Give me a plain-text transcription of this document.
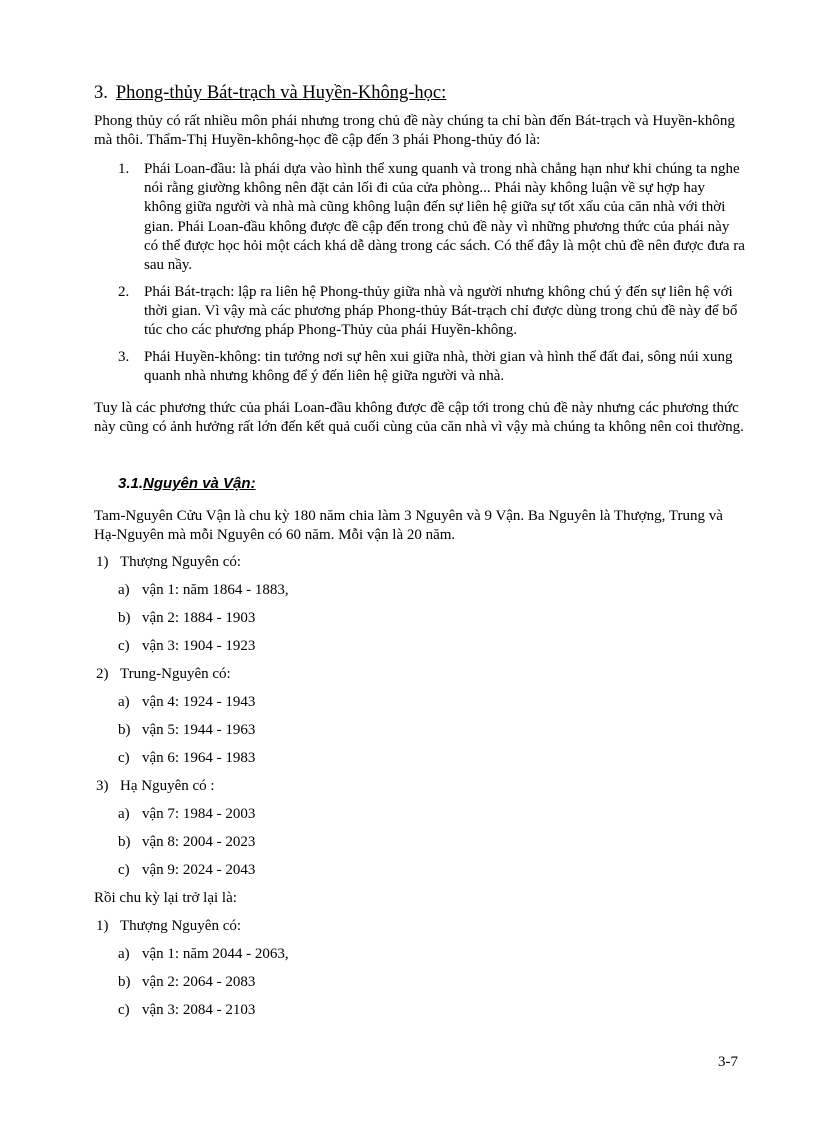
3. Phong-thủy Bát-trạch và Huyền-Không-học:
Phong thủy có rất nhiều môn phái nhưng trong chủ đề này chúng ta chỉ bàn đến Bát-trạch và Huyền-không mà thôi. Thẩm-Thị Huyền-không-học đề cập đến 3 phái Phong-thủy đó là:
1. Phái Loan-đầu: là phái dựa vào hình thể xung quanh và trong nhà chẳng hạn như khi chúng ta nghe nói rằng giường không nên đặt cản lối đi của cửa phòng... Phái này không luận về sự hợp hay không giữa người và nhà mà cũng không luận đến sự liên hệ giữa sự tốt xấu của căn nhà với thời gian. Phái Loan-đầu không được đề cập đến trong chủ đề này vì những phương thức của phái này có thể được học hỏi một cách khá dễ dàng trong các sách. Có thể đây là một chủ đề nên được đưa ra sau nầy.
2. Phái Bát-trạch: lập ra liên hệ Phong-thủy giữa nhà và người nhưng không chú ý đến sự liên hệ với thời gian. Vì vậy mà các phương pháp Phong-thủy Bát-trạch chỉ được dùng trong chủ đề này để bổ túc cho các phương pháp Phong-Thủy của phái Huyền-không.
3. Phái Huyền-không: tin tưởng nơi sự hên xui giữa nhà, thời gian và hình thể đất đai, sông núi xung quanh nhà nhưng không để ý đến liên hệ giữa người và nhà.
Tuy là các phương thức của phái Loan-đầu không được đề cập tới trong chủ đề này nhưng các phương thức này cũng có ảnh hưởng rất lớn đến kết quả cuối cùng của căn nhà vì vậy mà chúng ta không nên coi thường.
3.1.Nguyên và Vận:
Tam-Nguyên Cửu Vận là chu kỳ 180 năm chia làm 3 Nguyên và 9 Vận. Ba Nguyên là Thượng, Trung và Hạ-Nguyên mà mỗi Nguyên có 60 năm. Mỗi vận là 20 năm.
1) Thượng Nguyên có:
a) vận 1: năm 1864 - 1883,
b) vận 2: 1884 - 1903
c) vận 3: 1904 - 1923
2) Trung-Nguyên có:
a) vận 4: 1924 - 1943
b) vận 5: 1944 - 1963
c) vận 6: 1964 - 1983
3) Hạ Nguyên có :
a) vận 7: 1984 - 2003
b) vận 8: 2004 - 2023
c) vận 9: 2024 - 2043
Rồi chu kỳ lại trở lại là:
1) Thượng Nguyên có:
a) vận 1: năm 2044 - 2063,
b) vận 2: 2064 - 2083
c) vận 3: 2084 - 2103
3-7
